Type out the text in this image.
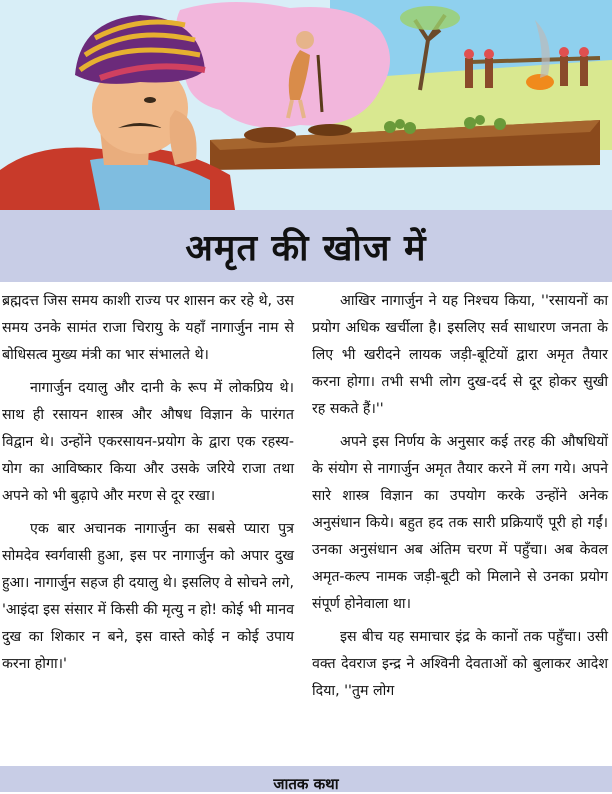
अमृत की खोज में

ब्रह्मदत्त जिस समय काशी राज्य पर शासन कर रहे थे, उस समय उनके सामंत राजा चिरायु के यहाँ नागार्जुन नाम से बोधिसत्व मुख्य मंत्री का भार संभालते थे।

नागार्जुन दयालु और दानी के रूप में लोकप्रिय थे। साथ ही रसायन शास्त्र और औषध विज्ञान के पारंगत विद्वान थे। उन्होंने एकरसायन-प्रयोग के द्वारा एक रहस्य-योग का आविष्कार किया और उसके जरिये राजा तथा अपने को भी बुढ़ापे और मरण से दूर रखा।

एक बार अचानक नागार्जुन का सबसे प्यारा पुत्र सोमदेव स्वर्गवासी हुआ, इस पर नागार्जुन को अपार दुख हुआ। नागार्जुन सहज ही दयालु थे। इसलिए वे सोचने लगे, 'आइंदा इस संसार में किसी की मृत्यु न हो! कोई भी मानव दुख का शिकार न बने, इस वास्ते कोई न कोई उपाय करना होगा।'

आखिर नागार्जुन ने यह निश्चय किया, ''रसायनों का प्रयोग अधिक खर्चीला है। इसलिए सर्व साधारण जनता के लिए भी खरीदने लायक जड़ी-बूटियों द्वारा अमृत तैयार करना होगा। तभी सभी लोग दुख-दर्द से दूर होकर सुखी रह सकते हैं।''

अपने इस निर्णय के अनुसार कई तरह की औषधियों के संयोग से नागार्जुन अमृत तैयार करने में लग गये। अपने सारे शास्त्र विज्ञान का उपयोग करके उन्होंने अनेक अनुसंधान किये। बहुत हद तक सारी प्रक्रियाएँ पूरी हो गईं। उनका अनुसंधान अब अंतिम चरण में पहुँचा। अब केवल अमृत-कल्प नामक जड़ी-बूटी को मिलाने से उनका प्रयोग संपूर्ण होनेवाला था।

इस बीच यह समाचार इंद्र के कानों तक पहुँचा। उसी वक्त देवराज इन्द्र ने अश्विनी देवताओं को बुलाकर आदेश दिया, ''तुम लोग

जातक कथा
